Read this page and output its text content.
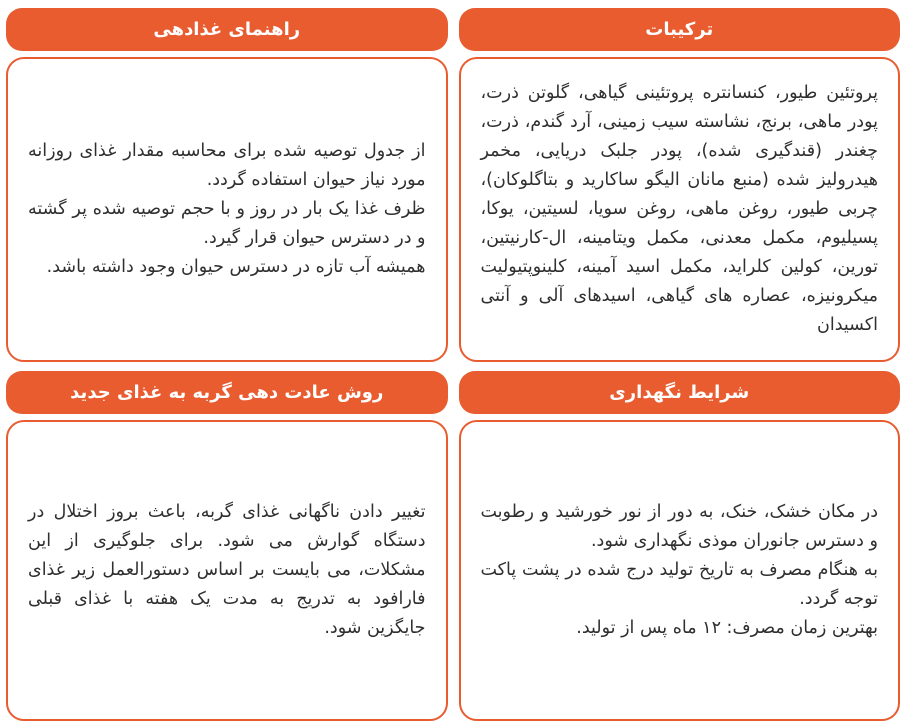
ترکیبات

پروتئین طیور، کنسانتره پروتئینی گیاهی، گلوتن ذرت، پودر ماهی، برنج، نشاسته سیب زمینی، آرد گندم، ذرت، چغندر (قندگیری شده)، پودر جلبک دریایی، مخمر هیدرولیز شده (منبع مانان الیگو ساکارید و بتاگلوکان)، چربی طیور، روغن ماهی، روغن سویا، لسیتین، یوکا، پسیلیوم، مکمل معدنی، مکمل ویتامینه، ال-کارنیتین، تورین، کولین کلراید، مکمل اسید آمینه، کلینوپتیولیت میکرونیزه، عصاره های گیاهی، اسیدهای آلی و آنتی اکسیدان

راهنمای غذادهی

از جدول توصیه شده برای محاسبه مقدار غذای روزانه مورد نیاز حیوان استفاده گردد.

ظرف غذا یک بار در روز و با حجم توصیه شده پر گشته و در دسترس حیوان قرار گیرد.

همیشه آب تازه در دسترس حیوان وجود داشته باشد.

شرایط نگهداری

در مکان خشک، خنک، به دور از نور خورشید و رطوبت و دسترس جانوران موذی نگهداری شود.

به هنگام مصرف به تاریخ تولید درج شده در پشت پاکت توجه گردد.

بهترین زمان مصرف: ۱۲ ماه پس از تولید.

روش عادت دهی گربه به غذای جدید

تغییر دادن ناگهانی غذای گربه، باعث بروز اختلال در دستگاه گوارش می شود. برای جلوگیری از این مشکلات، می بایست بر اساس دستورالعمل زیر غذای فارافود به تدریج به مدت یک هفته با غذای قبلی جایگزین شود.
